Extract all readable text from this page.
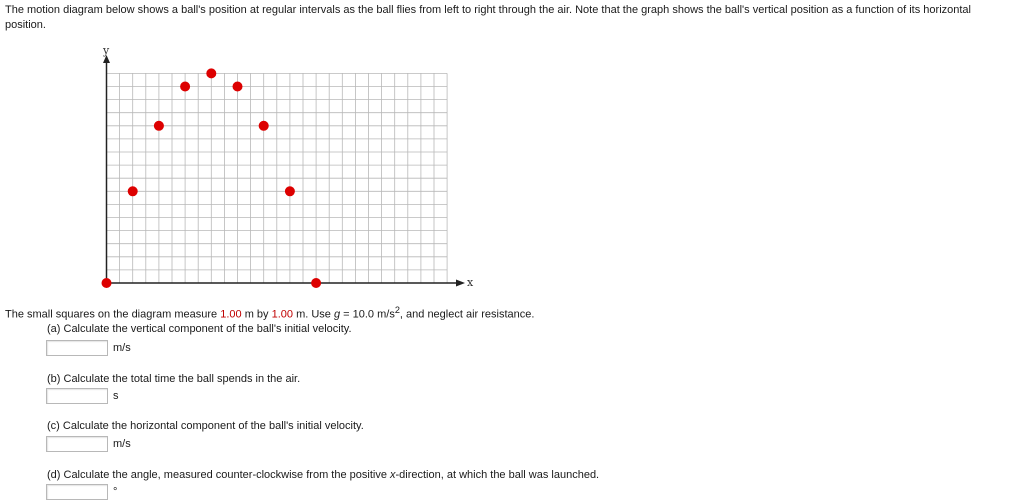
The motion diagram below shows a ball's position at regular intervals as the ball flies from left to right through the air. Note that the graph shows the ball's vertical position as a function of its horizontal position.
y
x
The small squares on the diagram measure 1.00 m by 1.00 m. Use g = 10.0 $m/s^2$, and neglect air resistance.
(a) Calculate the vertical component of the ball's initial velocity.
m/s
(b) Calculate the total time the ball spends in the air.
s
(c) Calculate the horizontal component of the ball's initial velocity.
m/s
(d) Calculate the angle, measured counter-clockwise from the positive x-direction, at which the ball was launched.
°
